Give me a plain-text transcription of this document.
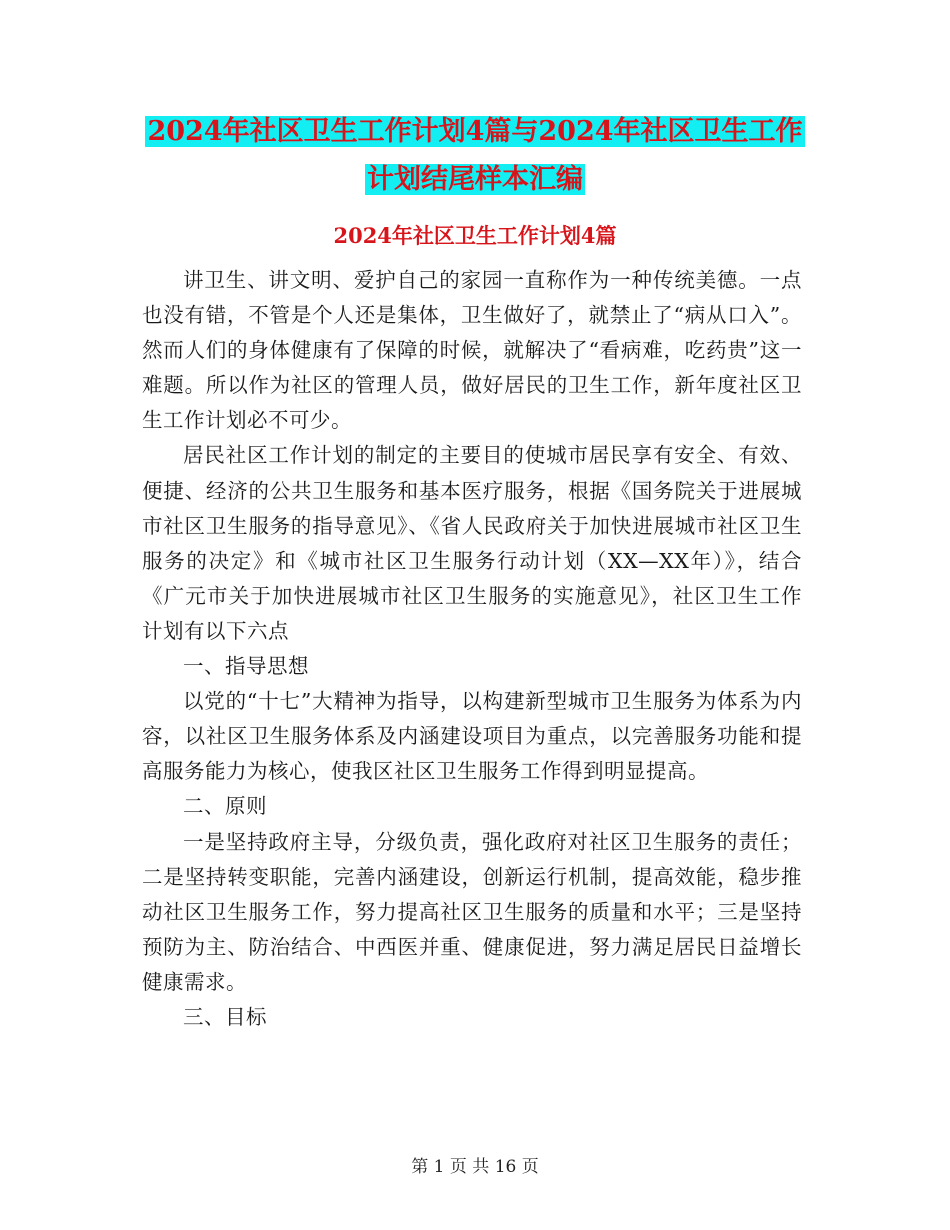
2024年社区卫生工作计划4篇与2024年社区卫生工作
计划结尾样本汇编
2024年社区卫生工作计划4篇

讲卫生、讲文明、爱护自己的家园一直称作为一种传统美德。一点也没有错，不管是个人还是集体，卫生做好了，就禁止了“病从口入”。然而人们的身体健康有了保障的时候，就解决了“看病难，吃药贵”这一难题。所以作为社区的管理人员，做好居民的卫生工作，新年度社区卫生工作计划必不可少。

居民社区工作计划的制定的主要目的使城市居民享有安全、有效、便捷、经济的公共卫生服务和基本医疗服务，根据《国务院关于进展城市社区卫生服务的指导意见》、《省人民政府关于加快进展城市社区卫生服务的决定》和《城市社区卫生服务行动计划（XX—XX年）》，结合《广元市关于加快进展城市社区卫生服务的实施意见》，社区卫生工作计划有以下六点

一、指导思想

以党的“十七”大精神为指导，以构建新型城市卫生服务为体系为内容，以社区卫生服务体系及内涵建设项目为重点，以完善服务功能和提高服务能力为核心，使我区社区卫生服务工作得到明显提高。

二、原则

一是坚持政府主导，分级负责，强化政府对社区卫生服务的责任；二是坚持转变职能，完善内涵建设，创新运行机制，提高效能，稳步推动社区卫生服务工作，努力提高社区卫生服务的质量和水平；三是坚持预防为主、防治结合、中西医并重、健康促进，努力满足居民日益增长健康需求。

三、目标

第 1 页 共 16 页
